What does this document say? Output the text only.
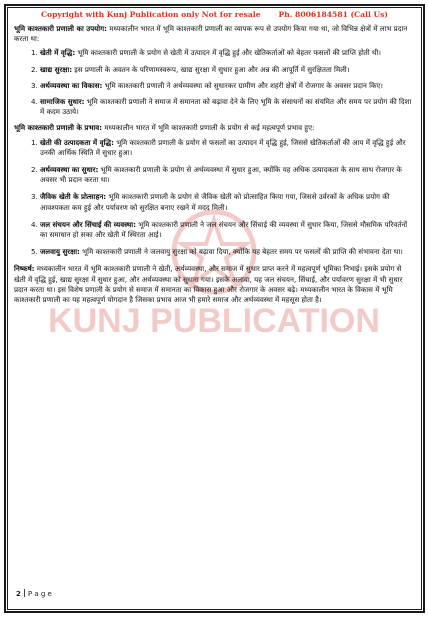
KUNJ PUBLICATION
Copyright with Kunj Publication only Not for resale Ph. 8006184581 (Call Us)

भूमि काश्तकारी प्रणाली का उपयोग: मध्यकालीन भारत में भूमि काश्तकारी प्रणाली का व्यापक रूप से उपयोग किया गया था, जो विभिन्न क्षेत्रों में लाभ प्रदान करता था:

1. खेती में वृद्धि: भूमि काश्तकारी प्रणाली के प्रयोग से खेती में उत्पादन में वृद्धि हुई और खेतिकर्ताओं को बेहतर फसलों की प्राप्ति होती थी।
2. खाद्य सुरक्षा: इस प्रणाली के अवतन के परिणामस्वरूप, खाद्य सुरक्षा में सुधार हुआ और अन्न की आपूर्ति में सुरक्षितता मिली।
3. अर्थव्यवस्था का विकास: भूमि काश्तकारी प्रणाली ने अर्थव्यवस्था को सुधारकर ग्रामीण और शहरी क्षेत्रों में रोजगार के अवसर प्रदान किए।
4. सामाजिक सुधार: भूमि काश्तकारी प्रणाली ने समाज में समानता को बढ़ावा देने के लिए भूमि के संसाधनों का संयमित और समय पर प्रयोग की दिशा में कदम उठाये।

भूमि काश्तकारी प्रणाली के प्रभाव: मध्यकालीन भारत में भूमि काश्तकारी प्रणाली के प्रयोग से कई महत्वपूर्ण प्रभाव हुए:

1. खेती की उत्पादकता में वृद्धि: भूमि काश्तकारी प्रणाली के प्रयोग से फसलों का उत्पादन में वृद्धि हुई, जिससे खेतिकर्ताओं की आय में वृद्धि हुई और उनकी आर्थिक स्थिति में सुधार हुआ।
2. अर्थव्यवस्था का सुधार: भूमि काश्तकारी प्रणाली के प्रयोग से अर्थव्यवस्था में सुधार हुआ, क्योंकि यह अधिक उत्पादकता के साथ साथ रोजगार के अवसर भी प्रदान करता था।
3. जैविक खेती के प्रोत्साहन: भूमि काश्तकारी प्रणाली के प्रयोग से जैविक खेती को प्रोत्साहित किया गया, जिससे उर्वरकों के अधिक प्रयोग की आवश्यकता कम हुई और पर्यावरण को सुरक्षित बनाए रखने में मदद मिली।
4. जल संचयन और सिंचाई की व्यवस्था: भूमि काश्तकारी प्रणाली ने जल संचयन और सिंचाई की व्यवस्था में सुधार किया, जिससे मौसमिक परिवर्तनों का समाधान हो सका और खेती में स्थिरता आई।
5. जलवायु सुरक्षा: भूमि काश्तकारी प्रणाली ने जलवायु सुरक्षा को बढ़ावा दिया, क्योंकि यह बेहतर समय पर फसलों की प्राप्ति की संभावना देता था।

निष्कर्ष: मध्यकालीन भारत में भूमि काश्तकारी प्रणाली ने खेती, अर्थव्यवस्था, और समाज में सुधार प्राप्त करने में महत्वपूर्ण भूमिका निभाई। इसके प्रयोग से खेती में वृद्धि हुई, खाद्य सुरक्षा में सुधार हुआ, और अर्थव्यवस्था को सुधारा गया। इसके अलावा, यह जल संचयन, सिंचाई, और पर्यावरण सुरक्षा में भी सुधार प्रदान करता था। इस विशेष प्रणाली के प्रयोग से समाज में समानता का विकास हुआ और रोजगार के अवसर बढ़े। मध्यकालीन भारत के विकास में भूमि काश्तकारी प्रणाली का यह महत्वपूर्ण योगदान है जिसका प्रभाव आज भी हमारे समाज और अर्थव्यवस्था में महसूस होता है।

2 P a g e
